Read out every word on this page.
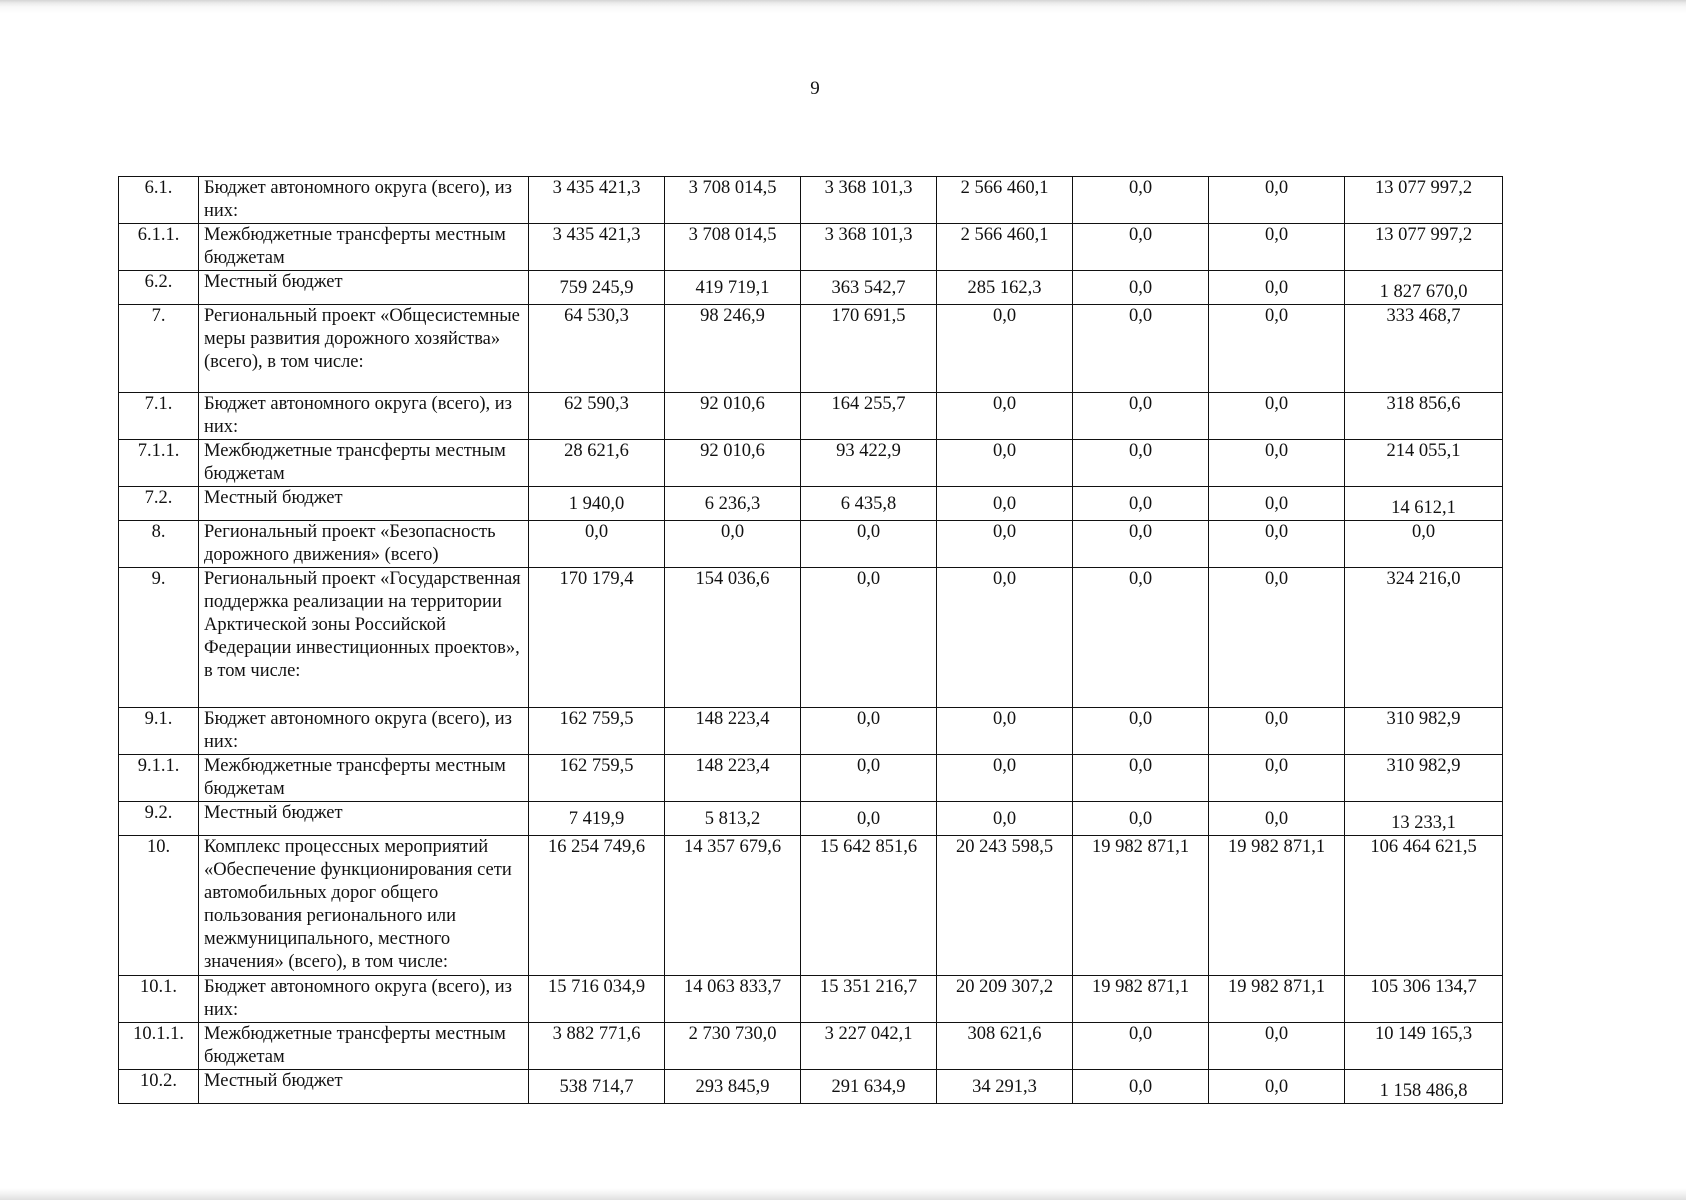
9
6.1.	Бюджет автономного округа (всего), из них:	3 435 421,3	3 708 014,5	3 368 101,3	2 566 460,1	0,0	0,0	13 077 997,2
6.1.1.	Межбюджетные трансферты местным бюджетам	3 435 421,3	3 708 014,5	3 368 101,3	2 566 460,1	0,0	0,0	13 077 997,2
6.2.	Местный бюджет	759 245,9	419 719,1	363 542,7	285 162,3	0,0	0,0	1 827 670,0
7.	Региональный проект «Общесистемные меры развития дорожного хозяйства» (всего), в том числе:	64 530,3	98 246,9	170 691,5	0,0	0,0	0,0	333 468,7
7.1.	Бюджет автономного округа (всего), из них:	62 590,3	92 010,6	164 255,7	0,0	0,0	0,0	318 856,6
7.1.1.	Межбюджетные трансферты местным бюджетам	28 621,6	92 010,6	93 422,9	0,0	0,0	0,0	214 055,1
7.2.	Местный бюджет	1 940,0	6 236,3	6 435,8	0,0	0,0	0,0	14 612,1
8.	Региональный проект «Безопасность дорожного движения» (всего)	0,0	0,0	0,0	0,0	0,0	0,0	0,0
9.	Региональный проект «Государственная поддержка реализации на территории Арктической зоны Российской Федерации инвестиционных проектов», в том числе:	170 179,4	154 036,6	0,0	0,0	0,0	0,0	324 216,0
9.1.	Бюджет автономного округа (всего), из них:	162 759,5	148 223,4	0,0	0,0	0,0	0,0	310 982,9
9.1.1.	Межбюджетные трансферты местным бюджетам	162 759,5	148 223,4	0,0	0,0	0,0	0,0	310 982,9
9.2.	Местный бюджет	7 419,9	5 813,2	0,0	0,0	0,0	0,0	13 233,1
10.	Комплекс процессных мероприятий «Обеспечение функционирования сети автомобильных дорог общего пользования регионального или межмуниципального, местного значения» (всего), в том числе:	16 254 749,6	14 357 679,6	15 642 851,6	20 243 598,5	19 982 871,1	19 982 871,1	106 464 621,5
10.1.	Бюджет автономного округа (всего), из них:	15 716 034,9	14 063 833,7	15 351 216,7	20 209 307,2	19 982 871,1	19 982 871,1	105 306 134,7
10.1.1.	Межбюджетные трансферты местным бюджетам	3 882 771,6	2 730 730,0	3 227 042,1	308 621,6	0,0	0,0	10 149 165,3
10.2.	Местный бюджет	538 714,7	293 845,9	291 634,9	34 291,3	0,0	0,0	1 158 486,8
